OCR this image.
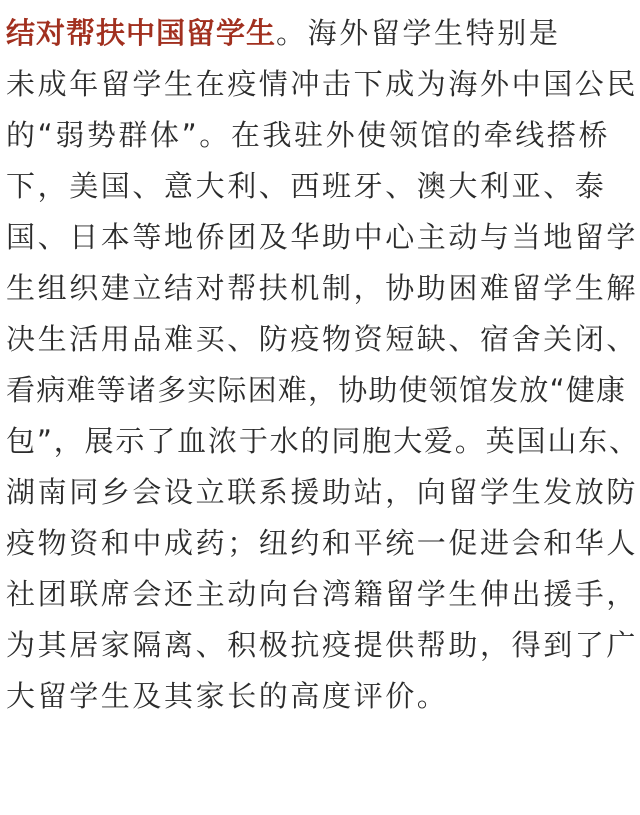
结对帮扶中国留学生。海外留学生特别是
未成年留学生在疫情冲击下成为海外中国公民
的“弱势群体”。在我驻外使领馆的牵线搭桥
下，美国、意大利、西班牙、澳大利亚、泰
国、日本等地侨团及华助中心主动与当地留学
生组织建立结对帮扶机制，协助困难留学生解
决生活用品难买、防疫物资短缺、宿舍关闭、
看病难等诸多实际困难，协助使领馆发放“健康
包”，展示了血浓于水的同胞大爱。英国山东、
湖南同乡会设立联系援助站，向留学生发放防
疫物资和中成药；纽约和平统一促进会和华人
社团联席会还主动向台湾籍留学生伸出援手，
为其居家隔离、积极抗疫提供帮助，得到了广
大留学生及其家长的高度评价。
